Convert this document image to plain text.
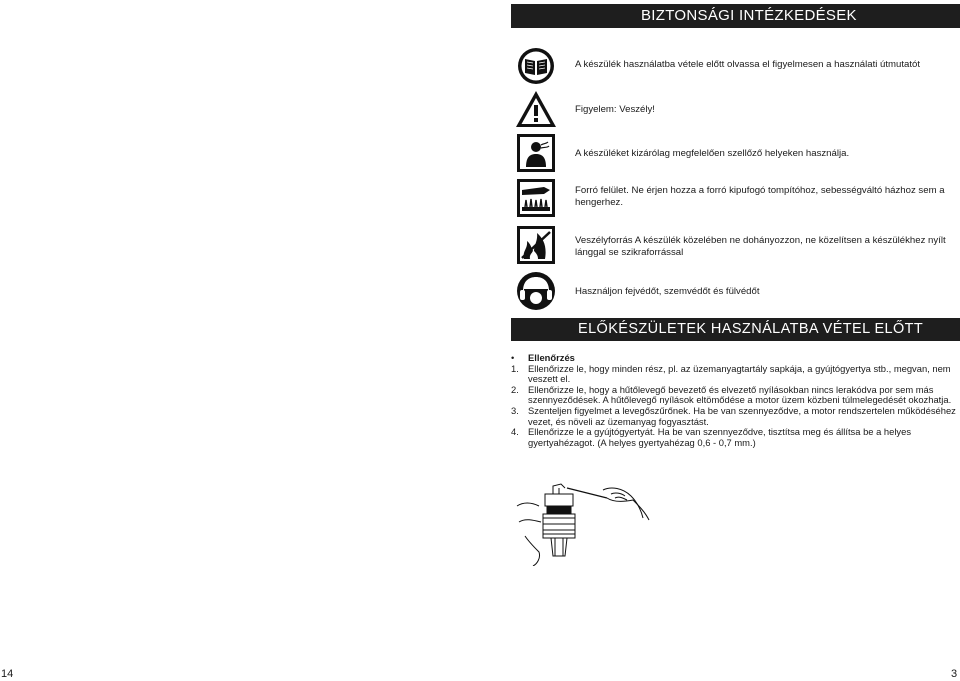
BIZTONSÁGI INTÉZKEDÉSEK
A készülék használatba vétele előtt olvassa el figyelmesen a használati útmutatót
Figyelem: Veszély!
A készüléket kizárólag megfelelően szellőző helyeken használja.
Forró felület. Ne érjen hozza a forró kipufogó tompítóhoz, sebességváltó házhoz sem a hengerhez.
Veszélyforrás A készülék közelében ne dohányozzon, ne közelítsen a készülékhez nyílt lánggal se szikraforrással
Használjon fejvédőt, szemvédőt és fülvédőt
ELŐKÉSZÜLETEK HASZNÁLATBA VÉTEL ELŐTT
• Ellenőrzés
1. Ellenőrizze le, hogy minden rész, pl. az üzemanyagtartály sapkája, a gyújtógyertya stb., megvan, nem veszett el.
2. Ellenőrizze le, hogy a hűtőlevegő bevezető és elvezető nyílásokban nincs lerakódva por sem más szennyeződések. A hűtőlevegő nyílások eltömődése a motor üzem közbeni túlmelegedését okozhatja.
3. Szenteljen figyelmet a levegőszűrőnek. Ha be van szennyeződve, a motor rendszertelen működéséhez vezet, és növeli az üzemanyag fogyasztást.
4. Ellenőrizze le a gyújtógyertyát. Ha be van szennyeződve, tisztítsa meg és állítsa be a helyes gyertyahézagot. (A helyes gyertyahézag 0,6 - 0,7 mm.)
14	3
